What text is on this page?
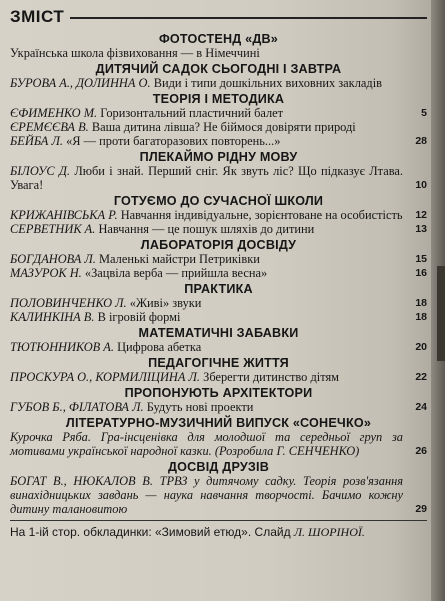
ЗМІСТ
ФОТОСТЕНД «ДВ»
Українська школа фізвиховання — в Німеччині
ДИТЯЧИЙ САДОК СЬОГОДНІ І ЗАВТРА
БУРОВА А., ДОЛИННА О. Види і типи дошкільних виховних закладів
ТЕОРІЯ І МЕТОДИКА
ЄФИМЕНКО М. Горизонтальний пластичний балет	5
ЄРЕМЄЄВА В. Ваша дитина лівша? Не біймося довіряти природі
БЕЙБА Л. «Я — проти багаторазових повторень...»	28
ПЛЕКАЙМО РІДНУ МОВУ
БІЛОУС Д. Люби і знай. Перший сніг. Як звуть ліс? Що підказує Лтава. Увага!	10
ГОТУЄМО ДО СУЧАСНОЇ ШКОЛИ
КРИЖАНІВСЬКА Р. Навчання індивідуальне, зорієнтоване на особистість 12
СЕРВЕТНИК А. Навчання — це пошук шляхів до дитини	13
ЛАБОРАТОРІЯ ДОСВІДУ
БОГДАНОВА Л. Маленькі майстри Петриківки	15
МАЗУРОК Н. «Зацвіла верба — прийшла весна»	16
ПРАКТИКА
ПОЛОВИНЧЕНКО Л. «Живі» звуки	18
КАЛИНКІНА В. В ігровій формі	18
МАТЕМАТИЧНІ ЗАБАВКИ
ТЮТЮННИКОВ А. Цифрова абетка	20
ПЕДАГОГІЧНЕ ЖИТТЯ
ПРОСКУРА О., КОРМИЛІЦИНА Л. Зберегти дитинство дітям	22
ПРОПОНУЮТЬ АРХІТЕКТОРИ
ГУБОВ Б., ФІЛАТОВА Л. Будуть нові проекти	24
ЛІТЕРАТУРНО-МУЗИЧНИЙ ВИПУСК «СОНЕЧКО»
Курочка Ряба. Гра-інсценівка для молодшої та середньої груп за мотивами української народної казки. (Розробила Г. СЕНЧЕНКО)	26
ДОСВІД ДРУЗІВ
БОГАТ В., НЮКАЛОВ В. ТРВЗ у дитячому садку. Теорія розв'язання винахідницьких завдань — наука навчання творчості. Бачимо кожну дитину талановитою	29
На 1-ій стор. обкладинки: «Зимовий етюд». Слайд Л. ШОРІНОЇ.
